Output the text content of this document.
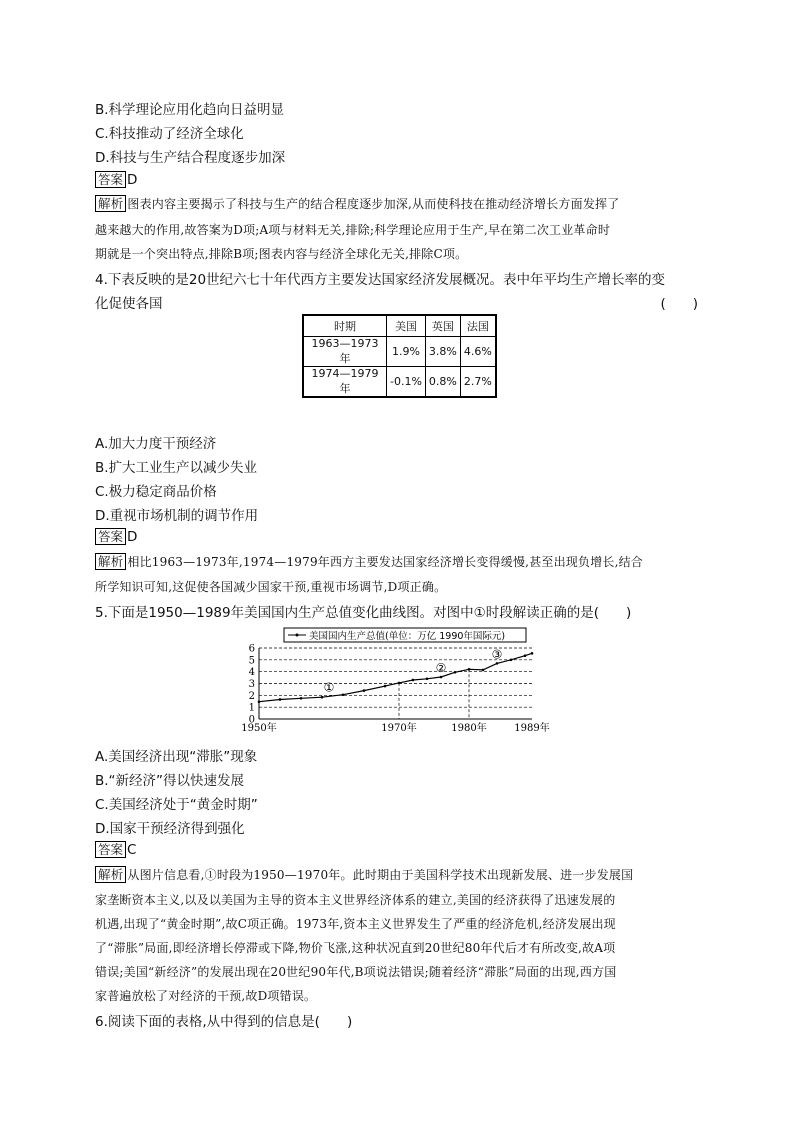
B.科学理论应用化趋向日益明显
C.科技推动了经济全球化
D.科技与生产结合程度逐步加深
答案 D
解析 图表内容主要揭示了科技与生产的结合程度逐步加深,从而使科技在推动经济增长方面发挥了
越来越大的作用,故答案为D项;A项与材料无关,排除;科学理论应用于生产,早在第二次工业革命时
期就是一个突出特点,排除B项;图表内容与经济全球化无关,排除C项。
4.下表反映的是20世纪六七十年代西方主要发达国家经济发展概况。表中年平均生产增长率的变
化促使各国	(　　)
时期	美国	英国	法国
1963—1973年	1.9%	3.8%	4.6%
1974—1979年	-0.1%	0.8%	2.7%
A.加大力度干预经济
B.扩大工业生产以减少失业
C.极力稳定商品价格
D.重视市场机制的调节作用
答案 D
解析 相比1963—1973年,1974—1979年西方主要发达国家经济增长变得缓慢,甚至出现负增长,结合
所学知识可知,这促使各国减少国家干预,重视市场调节,D项正确。
5.下面是1950—1989年美国国内生产总值变化曲线图。对图中①时段解读正确的是(　　)
0
1
2
3
4
5
6
1950年	1970年	1980年	1989年
①
②
③
美国国内生产总值(单位：万亿 1990年国际元)
A.美国经济出现“滞胀”现象
B.“新经济”得以快速发展
C.美国经济处于“黄金时期”
D.国家干预经济得到强化
答案 C
解析 从图片信息看,①时段为1950—1970年。此时期由于美国科学技术出现新发展、进一步发展国
家垄断资本主义,以及以美国为主导的资本主义世界经济体系的建立,美国的经济获得了迅速发展的
机遇,出现了“黄金时期”,故C项正确。1973年,资本主义世界发生了严重的经济危机,经济发展出现
了“滞胀”局面,即经济增长停滞或下降,物价飞涨,这种状况直到20世纪80年代后才有所改变,故A项
错误;美国“新经济”的发展出现在20世纪90年代,B项说法错误;随着经济“滞胀”局面的出现,西方国
家普遍放松了对经济的干预,故D项错误。
6.阅读下面的表格,从中得到的信息是(　　)
